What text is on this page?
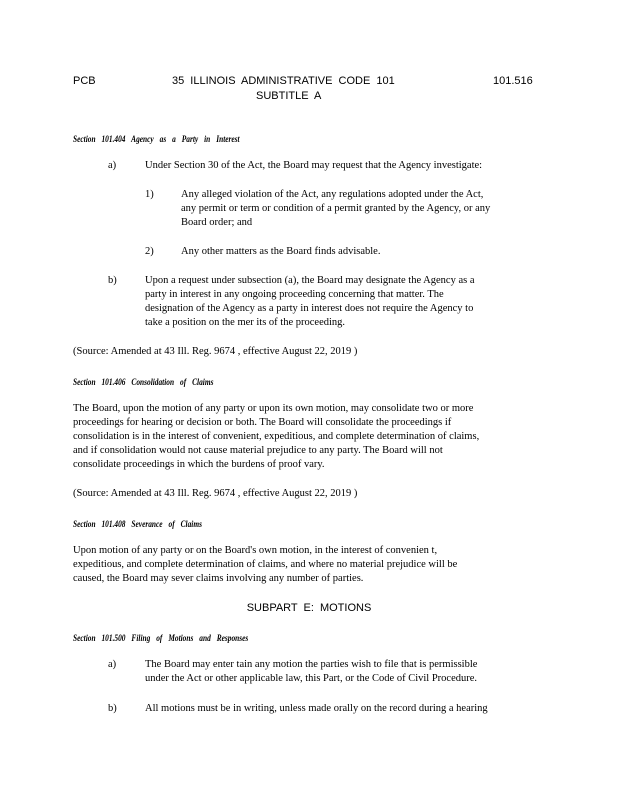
PCB	35 ILLINOIS ADMINISTRATIVE CODE 101
SUBTITLE A
101.516
Section 101.404 Agency as a Party in Interest
a)	Under Section 30 of the Act, the Board may request that the Agency investigate:
1)	Any alleged violation of the Act, any regulations adopted under the Act,
any permit or term or condition of a permit granted by the Agency, or any
Board order; and
2)	Any other matters as the Board finds advisable.
b)	Upon a request under subsection (a), the Board may designate the Agency as a
party in interest in any ongoing proceeding concerning that matter. The
designation of the Agency as a party in interest does not require the Agency to
take a position on the mer its of the proceeding.
(Source: Amended at 43 Ill. Reg. 9674 , effective August 22, 2019 )
Section 101.406 Consolidation of Claims
The Board, upon the motion of any party or upon its own motion, may consolidate two or more
proceedings for hearing or decision or both. The Board will consolidate the proceedings if
consolidation is in the interest of convenient, expeditious, and complete determination of claims,
and if consolidation would not cause material prejudice to any party. The Board will not
consolidate proceedings in which the burdens of proof vary.
(Source: Amended at 43 Ill. Reg. 9674 , effective August 22, 2019 )
Section 101.408 Severance of Claims
Upon motion of any party or on the Board's own motion, in the interest of convenien t,
expeditious, and complete determination of claims, and where no material prejudice will be
caused, the Board may sever claims involving any number of parties.
SUBPART E: MOTIONS
Section 101.500 Filing of Motions and Responses
a)	The Board may enter tain any motion the parties wish to file that is permissible
under the Act or other applicable law, this Part, or the Code of Civil Procedure.
b)	All motions must be in writing, unless made orally on the record during a hearing
